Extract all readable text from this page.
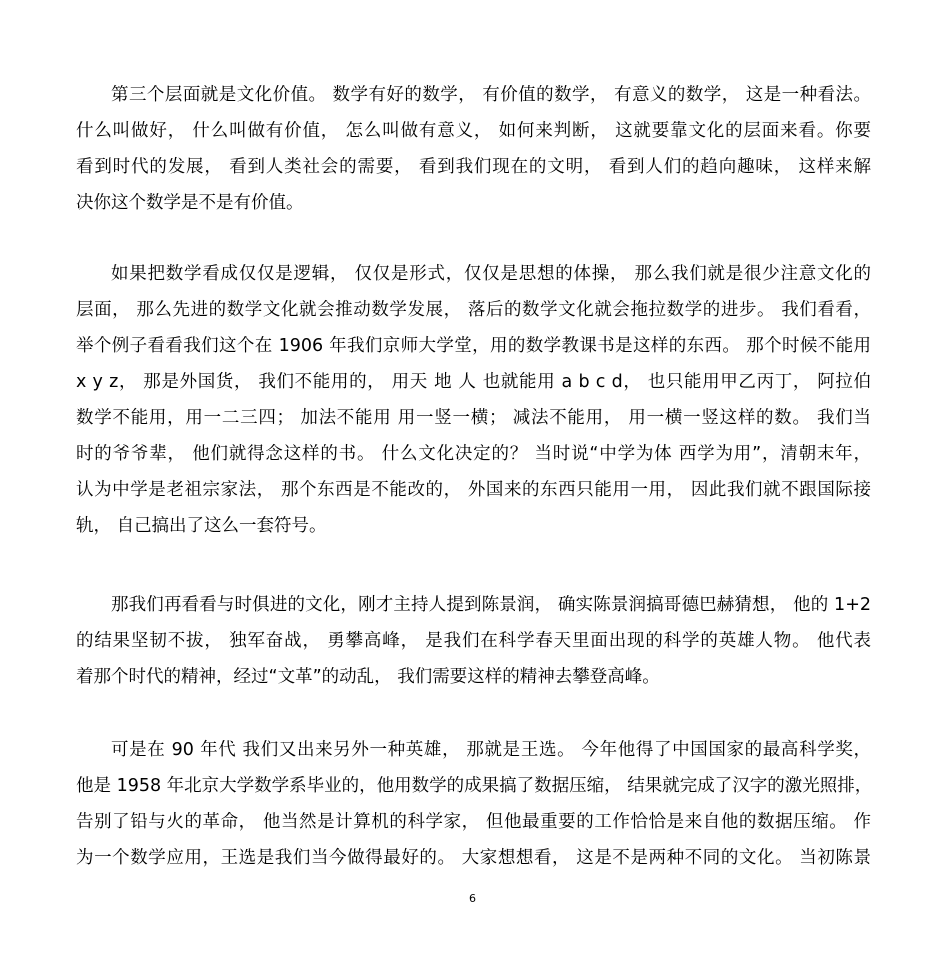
第三个层面就是文化价值。 数学有好的数学， 有价值的数学， 有意义的数学， 这是一种看法。
什么叫做好， 什么叫做有价值， 怎么叫做有意义， 如何来判断， 这就要靠文化的层面来看。你要
看到时代的发展， 看到人类社会的需要， 看到我们现在的文明， 看到人们的趋向趣味， 这样来解
决你这个数学是不是有价值。
如果把数学看成仅仅是逻辑， 仅仅是形式，仅仅是思想的体操， 那么我们就是很少注意文化的
层面， 那么先进的数学文化就会推动数学发展， 落后的数学文化就会拖拉数学的进步。 我们看看，
举个例子看看我们这个在 1906 年我们京师大学堂，用的数学教课书是这样的东西。 那个时候不能用
x y z， 那是外国货， 我们不能用的， 用天 地 人 也就能用 a b c d， 也只能用甲乙丙丁， 阿拉伯
数学不能用，用一二三四； 加法不能用 用一竖一横； 减法不能用， 用一横一竖这样的数。 我们当
时的爷爷辈， 他们就得念这样的书。 什么文化决定的？ 当时说“中学为体 西学为用”，清朝末年，
认为中学是老祖宗家法， 那个东西是不能改的， 外国来的东西只能用一用， 因此我们就不跟国际接
轨， 自己搞出了这么一套符号。
那我们再看看与时俱进的文化，刚才主持人提到陈景润， 确实陈景润搞哥德巴赫猜想， 他的 1+2
的结果坚韧不拔， 独军奋战， 勇攀高峰， 是我们在科学春天里面出现的科学的英雄人物。 他代表
着那个时代的精神，经过“文革”的动乱， 我们需要这样的精神去攀登高峰。
可是在 90 年代 我们又出来另外一种英雄， 那就是王选。 今年他得了中国国家的最高科学奖，
他是 1958 年北京大学数学系毕业的，他用数学的成果搞了数据压缩， 结果就完成了汉字的激光照排，
告别了铅与火的革命， 他当然是计算机的科学家， 但他最重要的工作恰恰是来自他的数据压缩。 作
为一个数学应用，王选是我们当今做得最好的。 大家想想看， 这是不是两种不同的文化。 当初陈景
6
